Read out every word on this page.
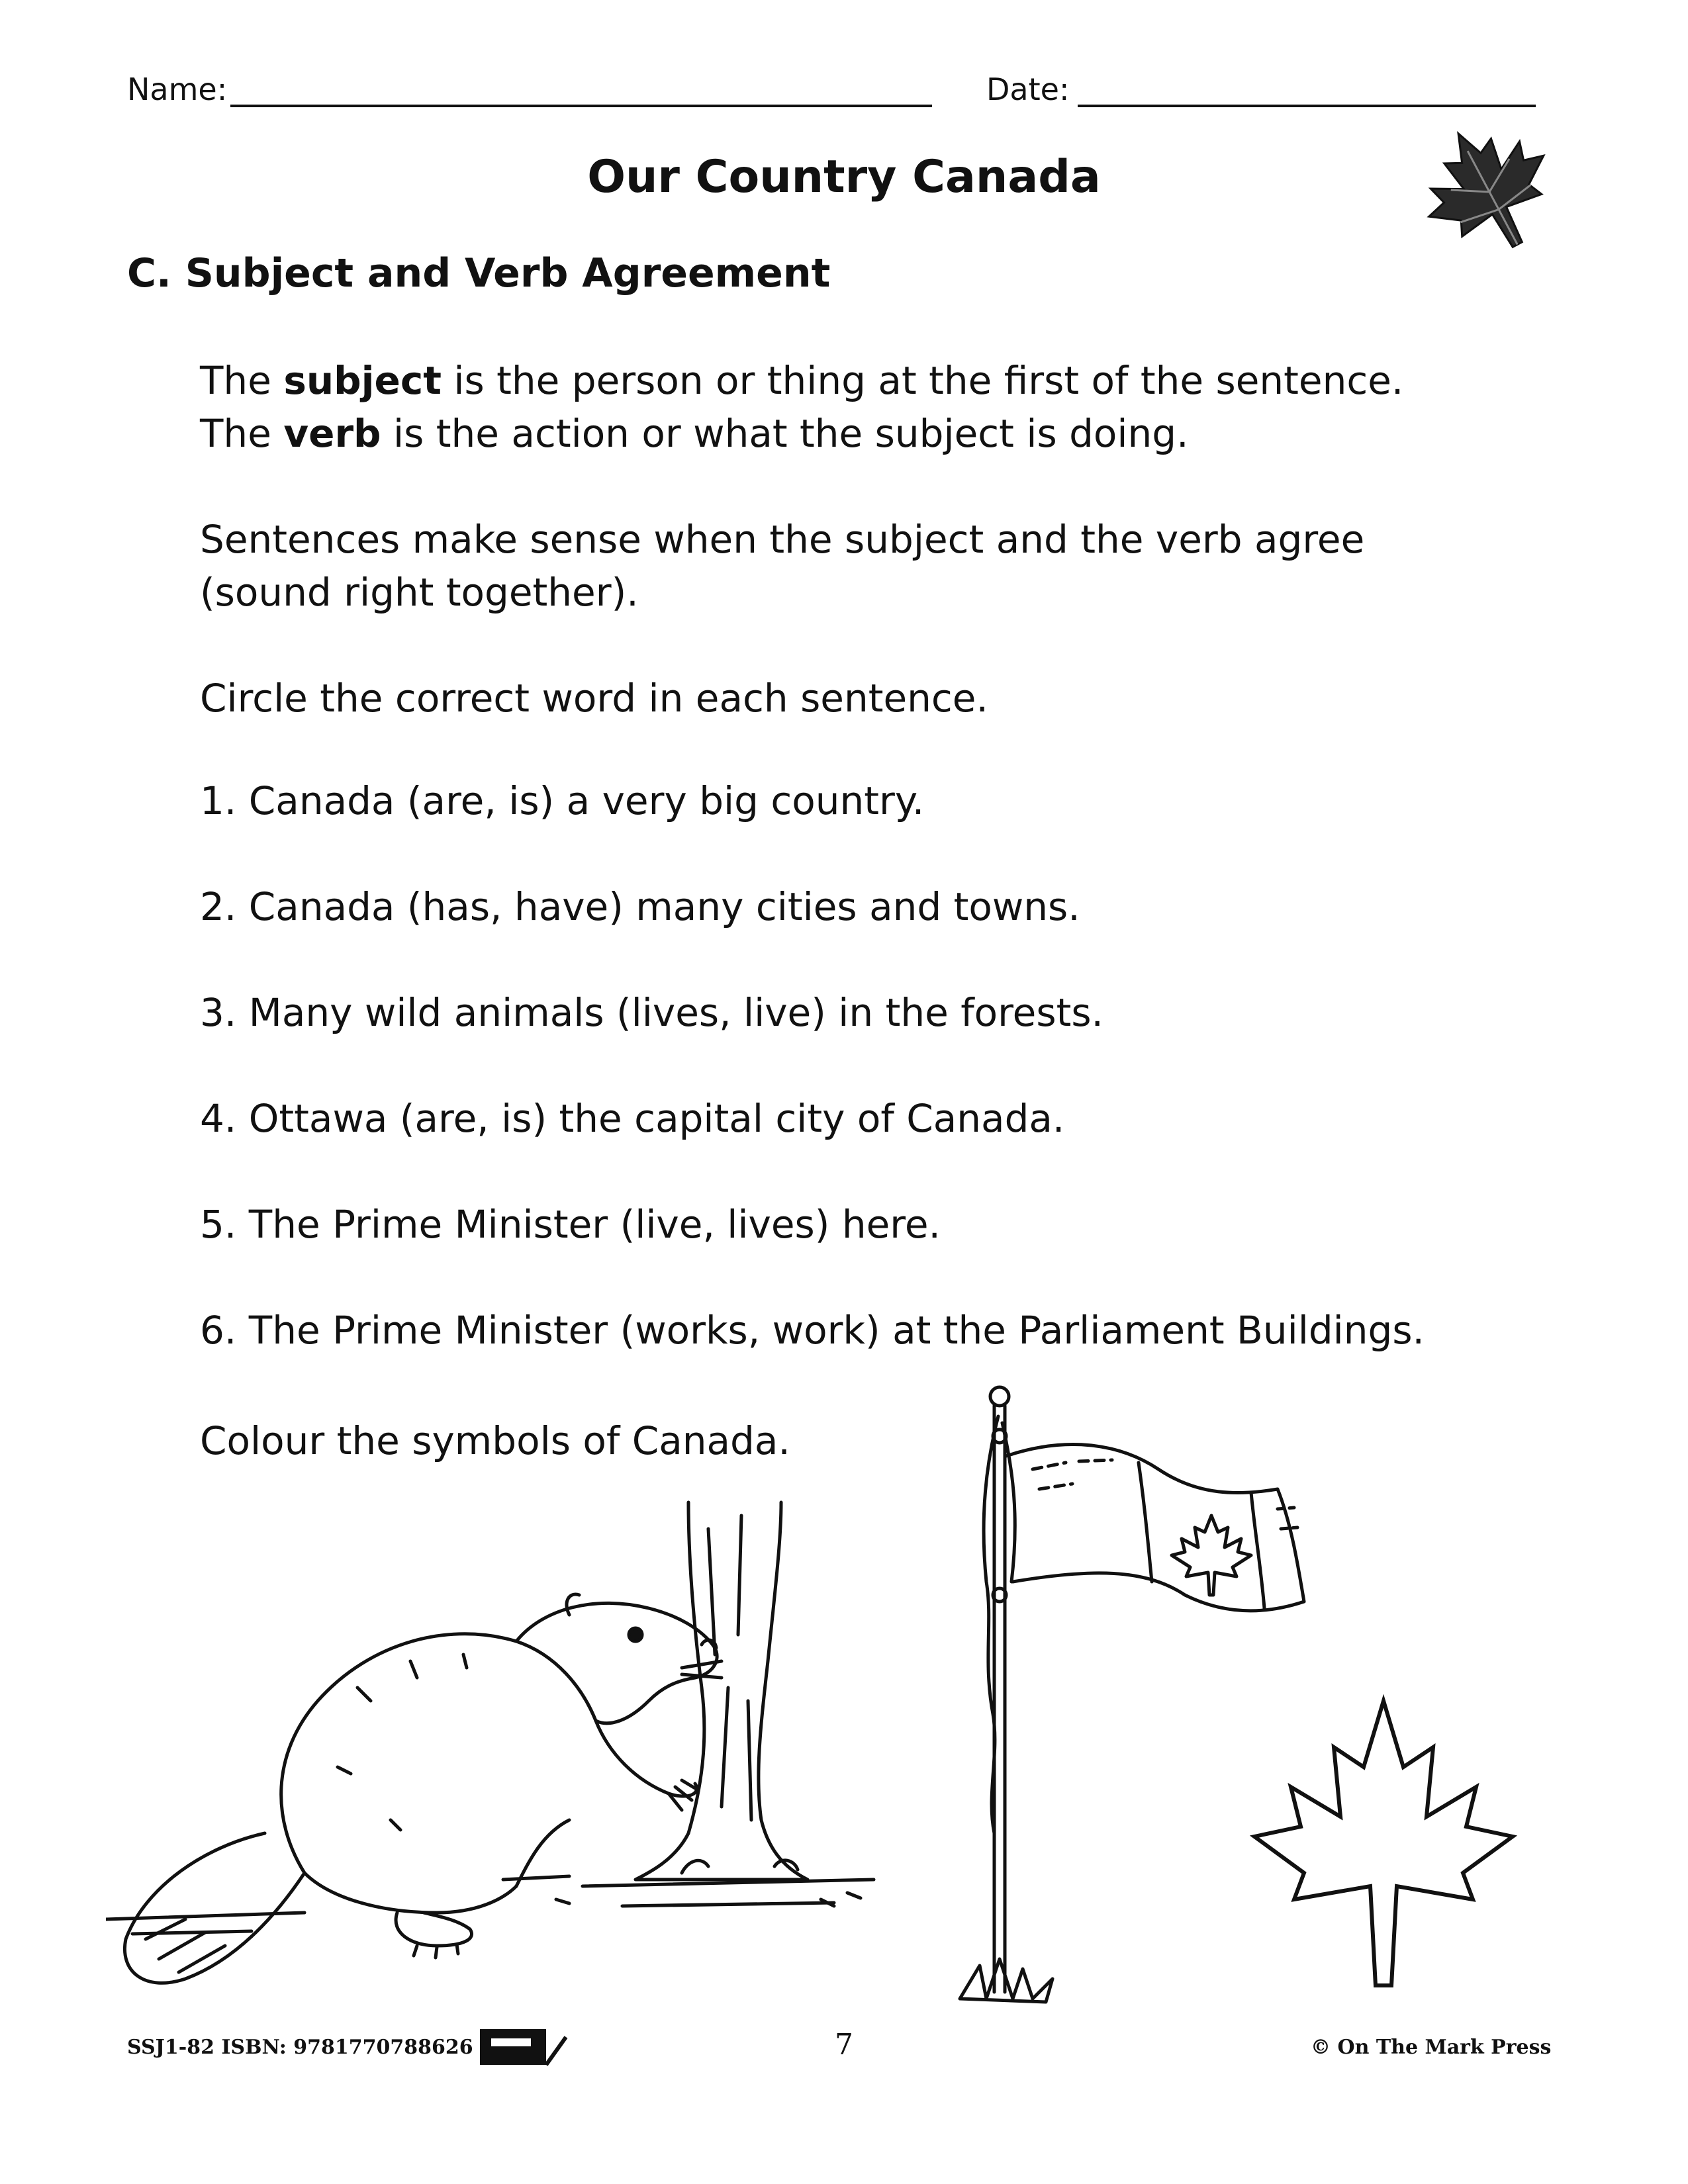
Name:	Date:
Our Country Canada
C. Subject and Verb Agreement
The subject is the person or thing at the first of the sentence.
The verb is the action or what the subject is doing.
Sentences make sense when the subject and the verb agree
(sound right together).
Circle the correct word in each sentence.
1. Canada (are, is) a very big country.
2. Canada (has, have) many cities and towns.
3. Many wild animals (lives, live) in the forests.
4. Ottawa (are, is) the capital city of Canada.
5. The Prime Minister (live, lives) here.
6. The Prime Minister (works, work) at the Parliament Buildings.
Colour the symbols of Canada.
SSJ1-82 ISBN: 9781770788626	7	© On The Mark Press
